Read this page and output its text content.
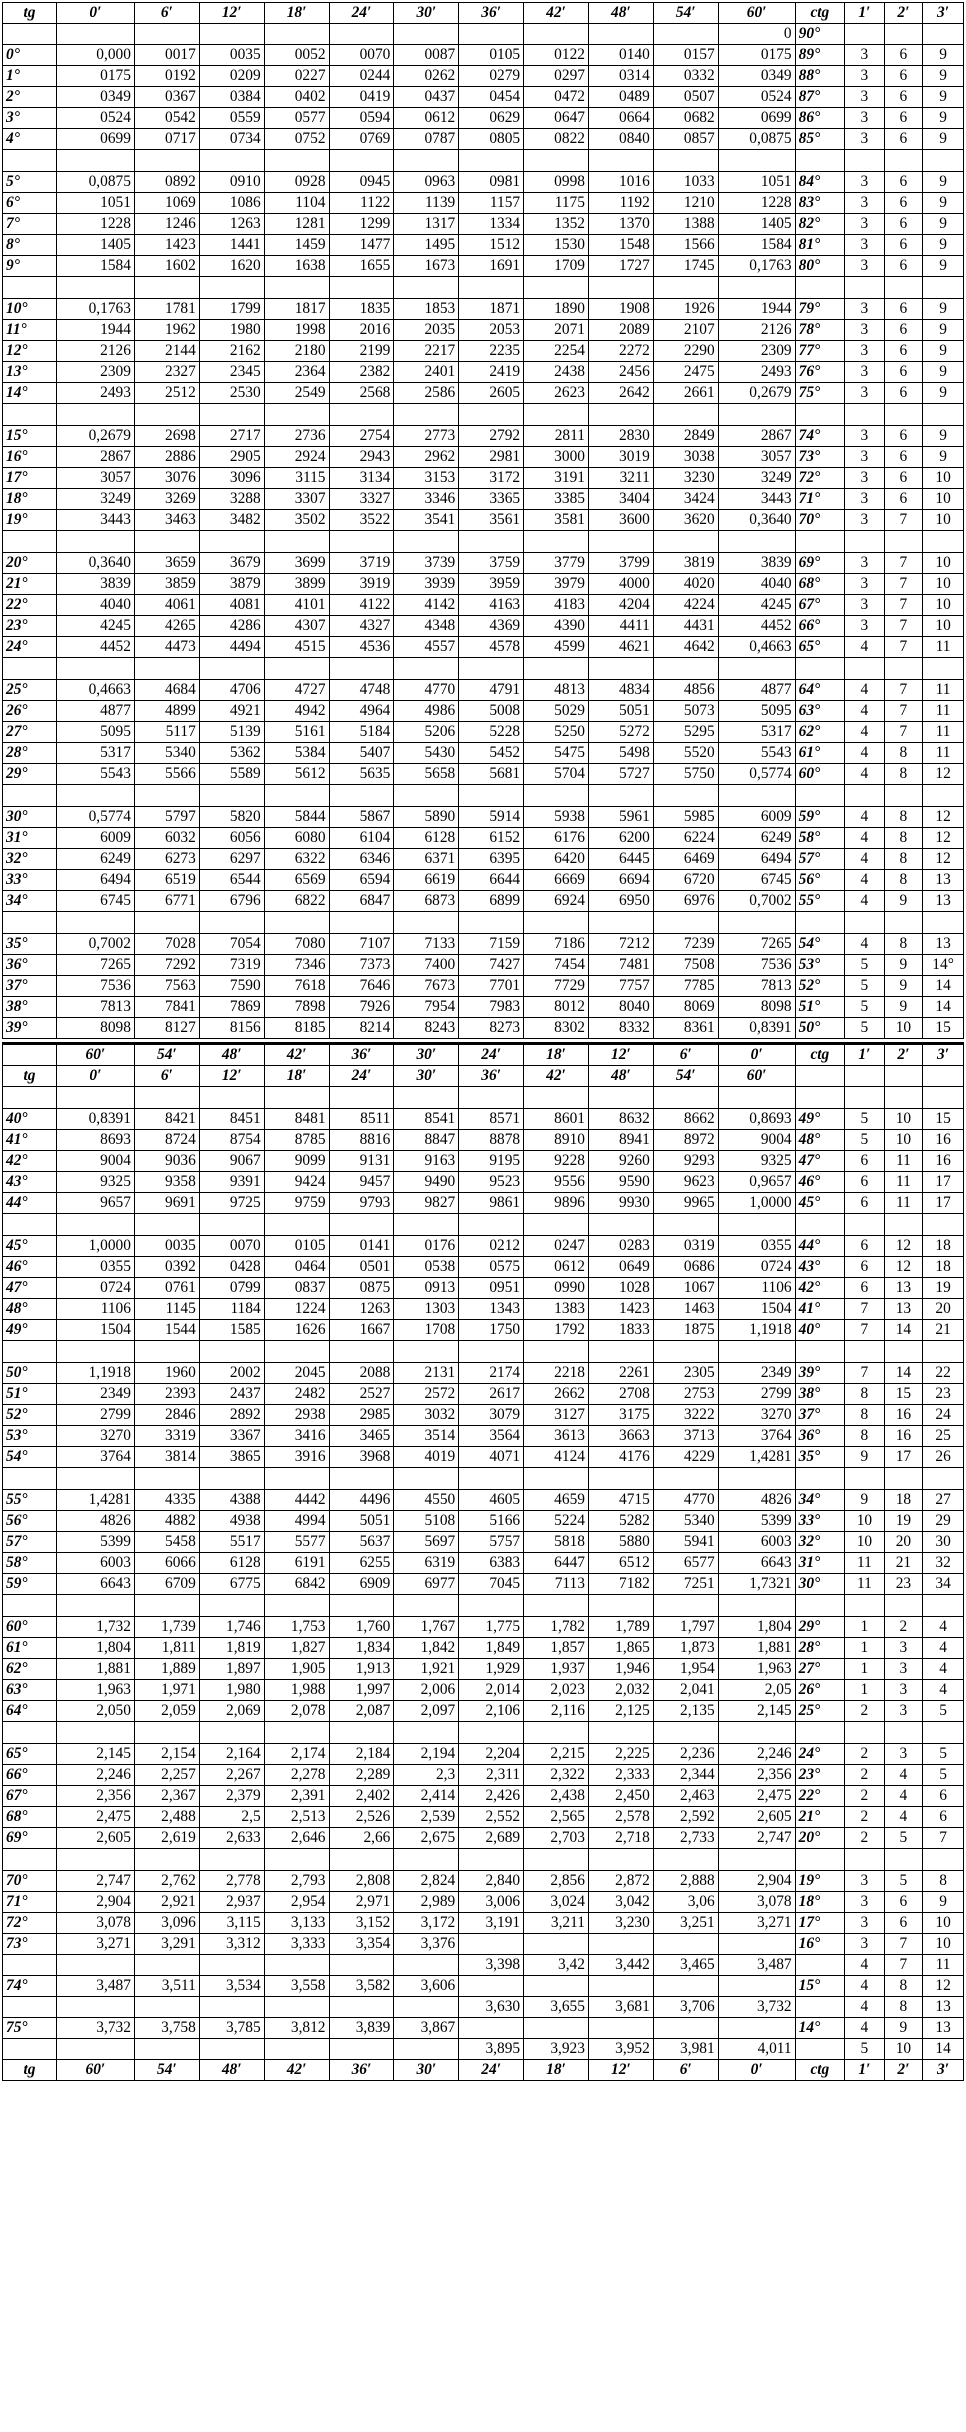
tg	0′	6′	12′	18′	24′	30′	36′	42′	48′	54′	60′	ctg	1′	2′	3′
											0	90°			
0°	0,000	0017	0035	0052	0070	0087	0105	0122	0140	0157	0175	89°	3	6	9
1°	0175	0192	0209	0227	0244	0262	0279	0297	0314	0332	0349	88°	3	6	9
2°	0349	0367	0384	0402	0419	0437	0454	0472	0489	0507	0524	87°	3	6	9
3°	0524	0542	0559	0577	0594	0612	0629	0647	0664	0682	0699	86°	3	6	9
4°	0699	0717	0734	0752	0769	0787	0805	0822	0840	0857	0,0875	85°	3	6	9

5°	0,0875	0892	0910	0928	0945	0963	0981	0998	1016	1033	1051	84°	3	6	9
6°	1051	1069	1086	1104	1122	1139	1157	1175	1192	1210	1228	83°	3	6	9
7°	1228	1246	1263	1281	1299	1317	1334	1352	1370	1388	1405	82°	3	6	9
8°	1405	1423	1441	1459	1477	1495	1512	1530	1548	1566	1584	81°	3	6	9
9°	1584	1602	1620	1638	1655	1673	1691	1709	1727	1745	0,1763	80°	3	6	9

10°	0,1763	1781	1799	1817	1835	1853	1871	1890	1908	1926	1944	79°	3	6	9
11°	1944	1962	1980	1998	2016	2035	2053	2071	2089	2107	2126	78°	3	6	9
12°	2126	2144	2162	2180	2199	2217	2235	2254	2272	2290	2309	77°	3	6	9
13°	2309	2327	2345	2364	2382	2401	2419	2438	2456	2475	2493	76°	3	6	9
14°	2493	2512	2530	2549	2568	2586	2605	2623	2642	2661	0,2679	75°	3	6	9

15°	0,2679	2698	2717	2736	2754	2773	2792	2811	2830	2849	2867	74°	3	6	9
16°	2867	2886	2905	2924	2943	2962	2981	3000	3019	3038	3057	73°	3	6	9
17°	3057	3076	3096	3115	3134	3153	3172	3191	3211	3230	3249	72°	3	6	10
18°	3249	3269	3288	3307	3327	3346	3365	3385	3404	3424	3443	71°	3	6	10
19°	3443	3463	3482	3502	3522	3541	3561	3581	3600	3620	0,3640	70°	3	7	10

20°	0,3640	3659	3679	3699	3719	3739	3759	3779	3799	3819	3839	69°	3	7	10
21°	3839	3859	3879	3899	3919	3939	3959	3979	4000	4020	4040	68°	3	7	10
22°	4040	4061	4081	4101	4122	4142	4163	4183	4204	4224	4245	67°	3	7	10
23°	4245	4265	4286	4307	4327	4348	4369	4390	4411	4431	4452	66°	3	7	10
24°	4452	4473	4494	4515	4536	4557	4578	4599	4621	4642	0,4663	65°	4	7	11

25°	0,4663	4684	4706	4727	4748	4770	4791	4813	4834	4856	4877	64°	4	7	11
26°	4877	4899	4921	4942	4964	4986	5008	5029	5051	5073	5095	63°	4	7	11
27°	5095	5117	5139	5161	5184	5206	5228	5250	5272	5295	5317	62°	4	7	11
28°	5317	5340	5362	5384	5407	5430	5452	5475	5498	5520	5543	61°	4	8	11
29°	5543	5566	5589	5612	5635	5658	5681	5704	5727	5750	0,5774	60°	4	8	12

30°	0,5774	5797	5820	5844	5867	5890	5914	5938	5961	5985	6009	59°	4	8	12
31°	6009	6032	6056	6080	6104	6128	6152	6176	6200	6224	6249	58°	4	8	12
32°	6249	6273	6297	6322	6346	6371	6395	6420	6445	6469	6494	57°	4	8	12
33°	6494	6519	6544	6569	6594	6619	6644	6669	6694	6720	6745	56°	4	8	13
34°	6745	6771	6796	6822	6847	6873	6899	6924	6950	6976	0,7002	55°	4	9	13

35°	0,7002	7028	7054	7080	7107	7133	7159	7186	7212	7239	7265	54°	4	8	13
36°	7265	7292	7319	7346	7373	7400	7427	7454	7481	7508	7536	53°	5	9	14°
37°	7536	7563	7590	7618	7646	7673	7701	7729	7757	7785	7813	52°	5	9	14
38°	7813	7841	7869	7898	7926	7954	7983	8012	8040	8069	8098	51°	5	9	14
39°	8098	8127	8156	8185	8214	8243	8273	8302	8332	8361	0,8391	50°	5	10	15

	60′	54′	48′	42′	36′	30′	24′	18′	12′	6′	0′	ctg	1′	2′	3′
tg	0′	6′	12′	18′	24′	30′	36′	42′	48′	54′	60′				

40°	0,8391	8421	8451	8481	8511	8541	8571	8601	8632	8662	0,8693	49°	5	10	15
41°	8693	8724	8754	8785	8816	8847	8878	8910	8941	8972	9004	48°	5	10	16
42°	9004	9036	9067	9099	9131	9163	9195	9228	9260	9293	9325	47°	6	11	16
43°	9325	9358	9391	9424	9457	9490	9523	9556	9590	9623	0,9657	46°	6	11	17
44°	9657	9691	9725	9759	9793	9827	9861	9896	9930	9965	1,0000	45°	6	11	17

45°	1,0000	0035	0070	0105	0141	0176	0212	0247	0283	0319	0355	44°	6	12	18
46°	0355	0392	0428	0464	0501	0538	0575	0612	0649	0686	0724	43°	6	12	18
47°	0724	0761	0799	0837	0875	0913	0951	0990	1028	1067	1106	42°	6	13	19
48°	1106	1145	1184	1224	1263	1303	1343	1383	1423	1463	1504	41°	7	13	20
49°	1504	1544	1585	1626	1667	1708	1750	1792	1833	1875	1,1918	40°	7	14	21

50°	1,1918	1960	2002	2045	2088	2131	2174	2218	2261	2305	2349	39°	7	14	22
51°	2349	2393	2437	2482	2527	2572	2617	2662	2708	2753	2799	38°	8	15	23
52°	2799	2846	2892	2938	2985	3032	3079	3127	3175	3222	3270	37°	8	16	24
53°	3270	3319	3367	3416	3465	3514	3564	3613	3663	3713	3764	36°	8	16	25
54°	3764	3814	3865	3916	3968	4019	4071	4124	4176	4229	1,4281	35°	9	17	26

55°	1,4281	4335	4388	4442	4496	4550	4605	4659	4715	4770	4826	34°	9	18	27
56°	4826	4882	4938	4994	5051	5108	5166	5224	5282	5340	5399	33°	10	19	29
57°	5399	5458	5517	5577	5637	5697	5757	5818	5880	5941	6003	32°	10	20	30
58°	6003	6066	6128	6191	6255	6319	6383	6447	6512	6577	6643	31°	11	21	32
59°	6643	6709	6775	6842	6909	6977	7045	7113	7182	7251	1,7321	30°	11	23	34

60°	1,732	1,739	1,746	1,753	1,760	1,767	1,775	1,782	1,789	1,797	1,804	29°	1	2	4
61°	1,804	1,811	1,819	1,827	1,834	1,842	1,849	1,857	1,865	1,873	1,881	28°	1	3	4
62°	1,881	1,889	1,897	1,905	1,913	1,921	1,929	1,937	1,946	1,954	1,963	27°	1	3	4
63°	1,963	1,971	1,980	1,988	1,997	2,006	2,014	2,023	2,032	2,041	2,05	26°	1	3	4
64°	2,050	2,059	2,069	2,078	2,087	2,097	2,106	2,116	2,125	2,135	2,145	25°	2	3	5

65°	2,145	2,154	2,164	2,174	2,184	2,194	2,204	2,215	2,225	2,236	2,246	24°	2	3	5
66°	2,246	2,257	2,267	2,278	2,289	2,3	2,311	2,322	2,333	2,344	2,356	23°	2	4	5
67°	2,356	2,367	2,379	2,391	2,402	2,414	2,426	2,438	2,450	2,463	2,475	22°	2	4	6
68°	2,475	2,488	2,5	2,513	2,526	2,539	2,552	2,565	2,578	2,592	2,605	21°	2	4	6
69°	2,605	2,619	2,633	2,646	2,66	2,675	2,689	2,703	2,718	2,733	2,747	20°	2	5	7

70°	2,747	2,762	2,778	2,793	2,808	2,824	2,840	2,856	2,872	2,888	2,904	19°	3	5	8
71°	2,904	2,921	2,937	2,954	2,971	2,989	3,006	3,024	3,042	3,06	3,078	18°	3	6	9
72°	3,078	3,096	3,115	3,133	3,152	3,172	3,191	3,211	3,230	3,251	3,271	17°	3	6	10
73°	3,271	3,291	3,312	3,333	3,354	3,376						16°	3	7	10
							3,398	3,42	3,442	3,465	3,487		4	7	11
74°	3,487	3,511	3,534	3,558	3,582	3,606						15°	4	8	12
							3,630	3,655	3,681	3,706	3,732		4	8	13
75°	3,732	3,758	3,785	3,812	3,839	3,867						14°	4	9	13
							3,895	3,923	3,952	3,981	4,011		5	10	14
tg	60′	54′	48′	42′	36′	30′	24′	18′	12′	6′	0′	ctg	1′	2′	3′
